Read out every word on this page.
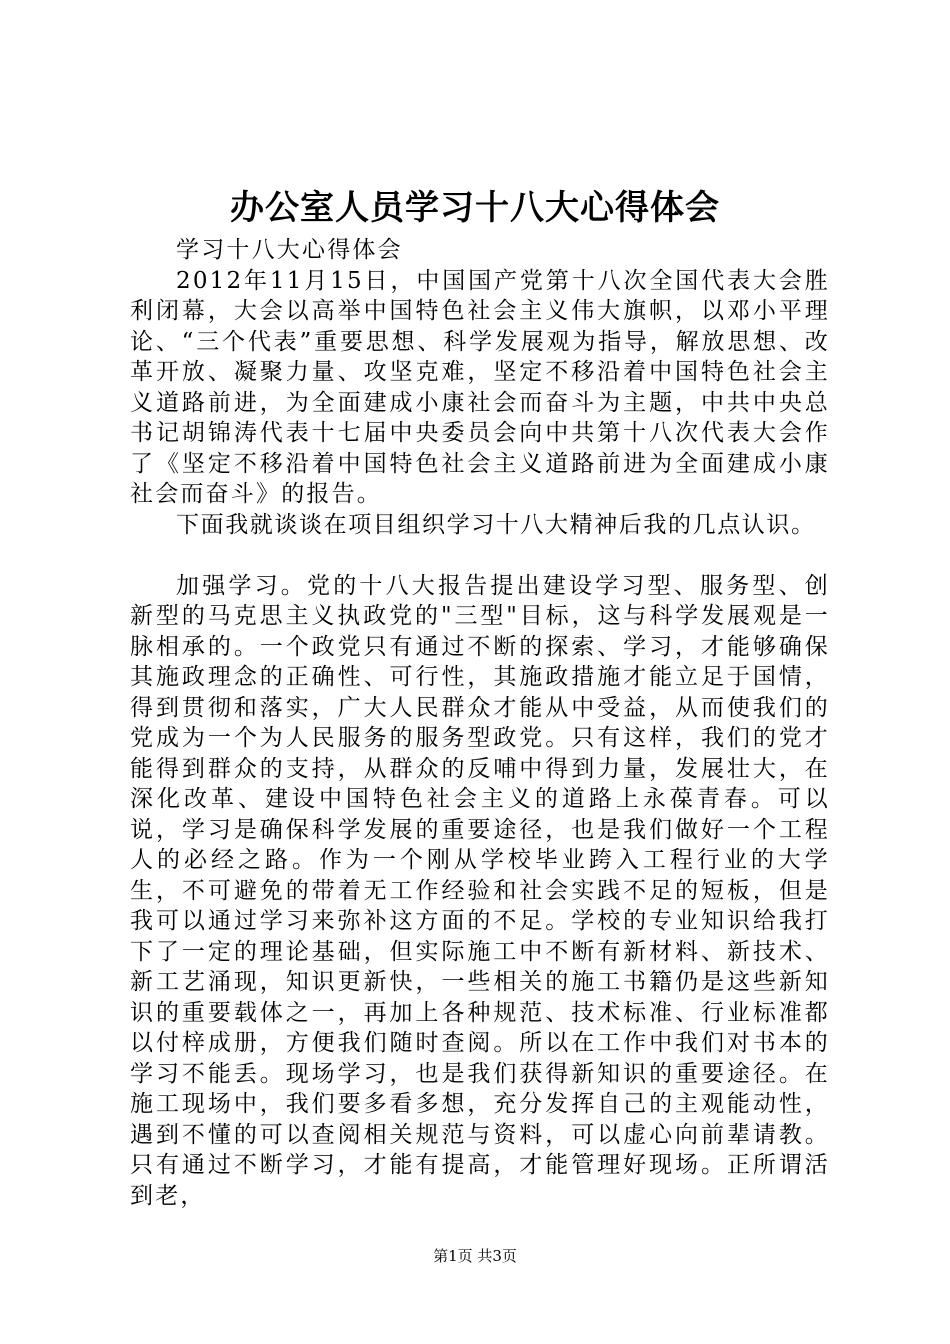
办公室人员学习十八大心得体会

学习十八大心得体会

2012年11月15日，中国国产党第十八次全国代表大会胜利闭幕，大会以高举中国特色社会主义伟大旗帜，以邓小平理论、“三个代表”重要思想、科学发展观为指导，解放思想、改革开放、凝聚力量、攻坚克难，坚定不移沿着中国特色社会主义道路前进，为全面建成小康社会而奋斗为主题，中共中央总书记胡锦涛代表十七届中央委员会向中共第十八次代表大会作了《坚定不移沿着中国特色社会主义道路前进为全面建成小康社会而奋斗》的报告。

下面我就谈谈在项目组织学习十八大精神后我的几点认识。

加强学习。党的十八大报告提出建设学习型、服务型、创新型的马克思主义执政党的"三型"目标，这与科学发展观是一脉相承的。一个政党只有通过不断的探索、学习，才能够确保其施政理念的正确性、可行性，其施政措施才能立足于国情，得到贯彻和落实，广大人民群众才能从中受益，从而使我们的党成为一个为人民服务的服务型政党。只有这样，我们的党才能得到群众的支持，从群众的反哺中得到力量，发展壮大，在深化改革、建设中国特色社会主义的道路上永葆青春。可以说，学习是确保科学发展的重要途径，也是我们做好一个工程人的必经之路。作为一个刚从学校毕业跨入工程行业的大学生，不可避免的带着无工作经验和社会实践不足的短板，但是我可以通过学习来弥补这方面的不足。学校的专业知识给我打下了一定的理论基础，但实际施工中不断有新材料、新技术、新工艺涌现，知识更新快，一些相关的施工书籍仍是这些新知识的重要载体之一，再加上各种规范、技术标准、行业标准都以付梓成册，方便我们随时查阅。所以在工作中我们对书本的学习不能丢。现场学习，也是我们获得新知识的重要途径。在施工现场中，我们要多看多想，充分发挥自己的主观能动性，遇到不懂的可以查阅相关规范与资料，可以虚心向前辈请教。只有通过不断学习，才能有提高，才能管理好现场。正所谓活到老，

第1页 共3页
